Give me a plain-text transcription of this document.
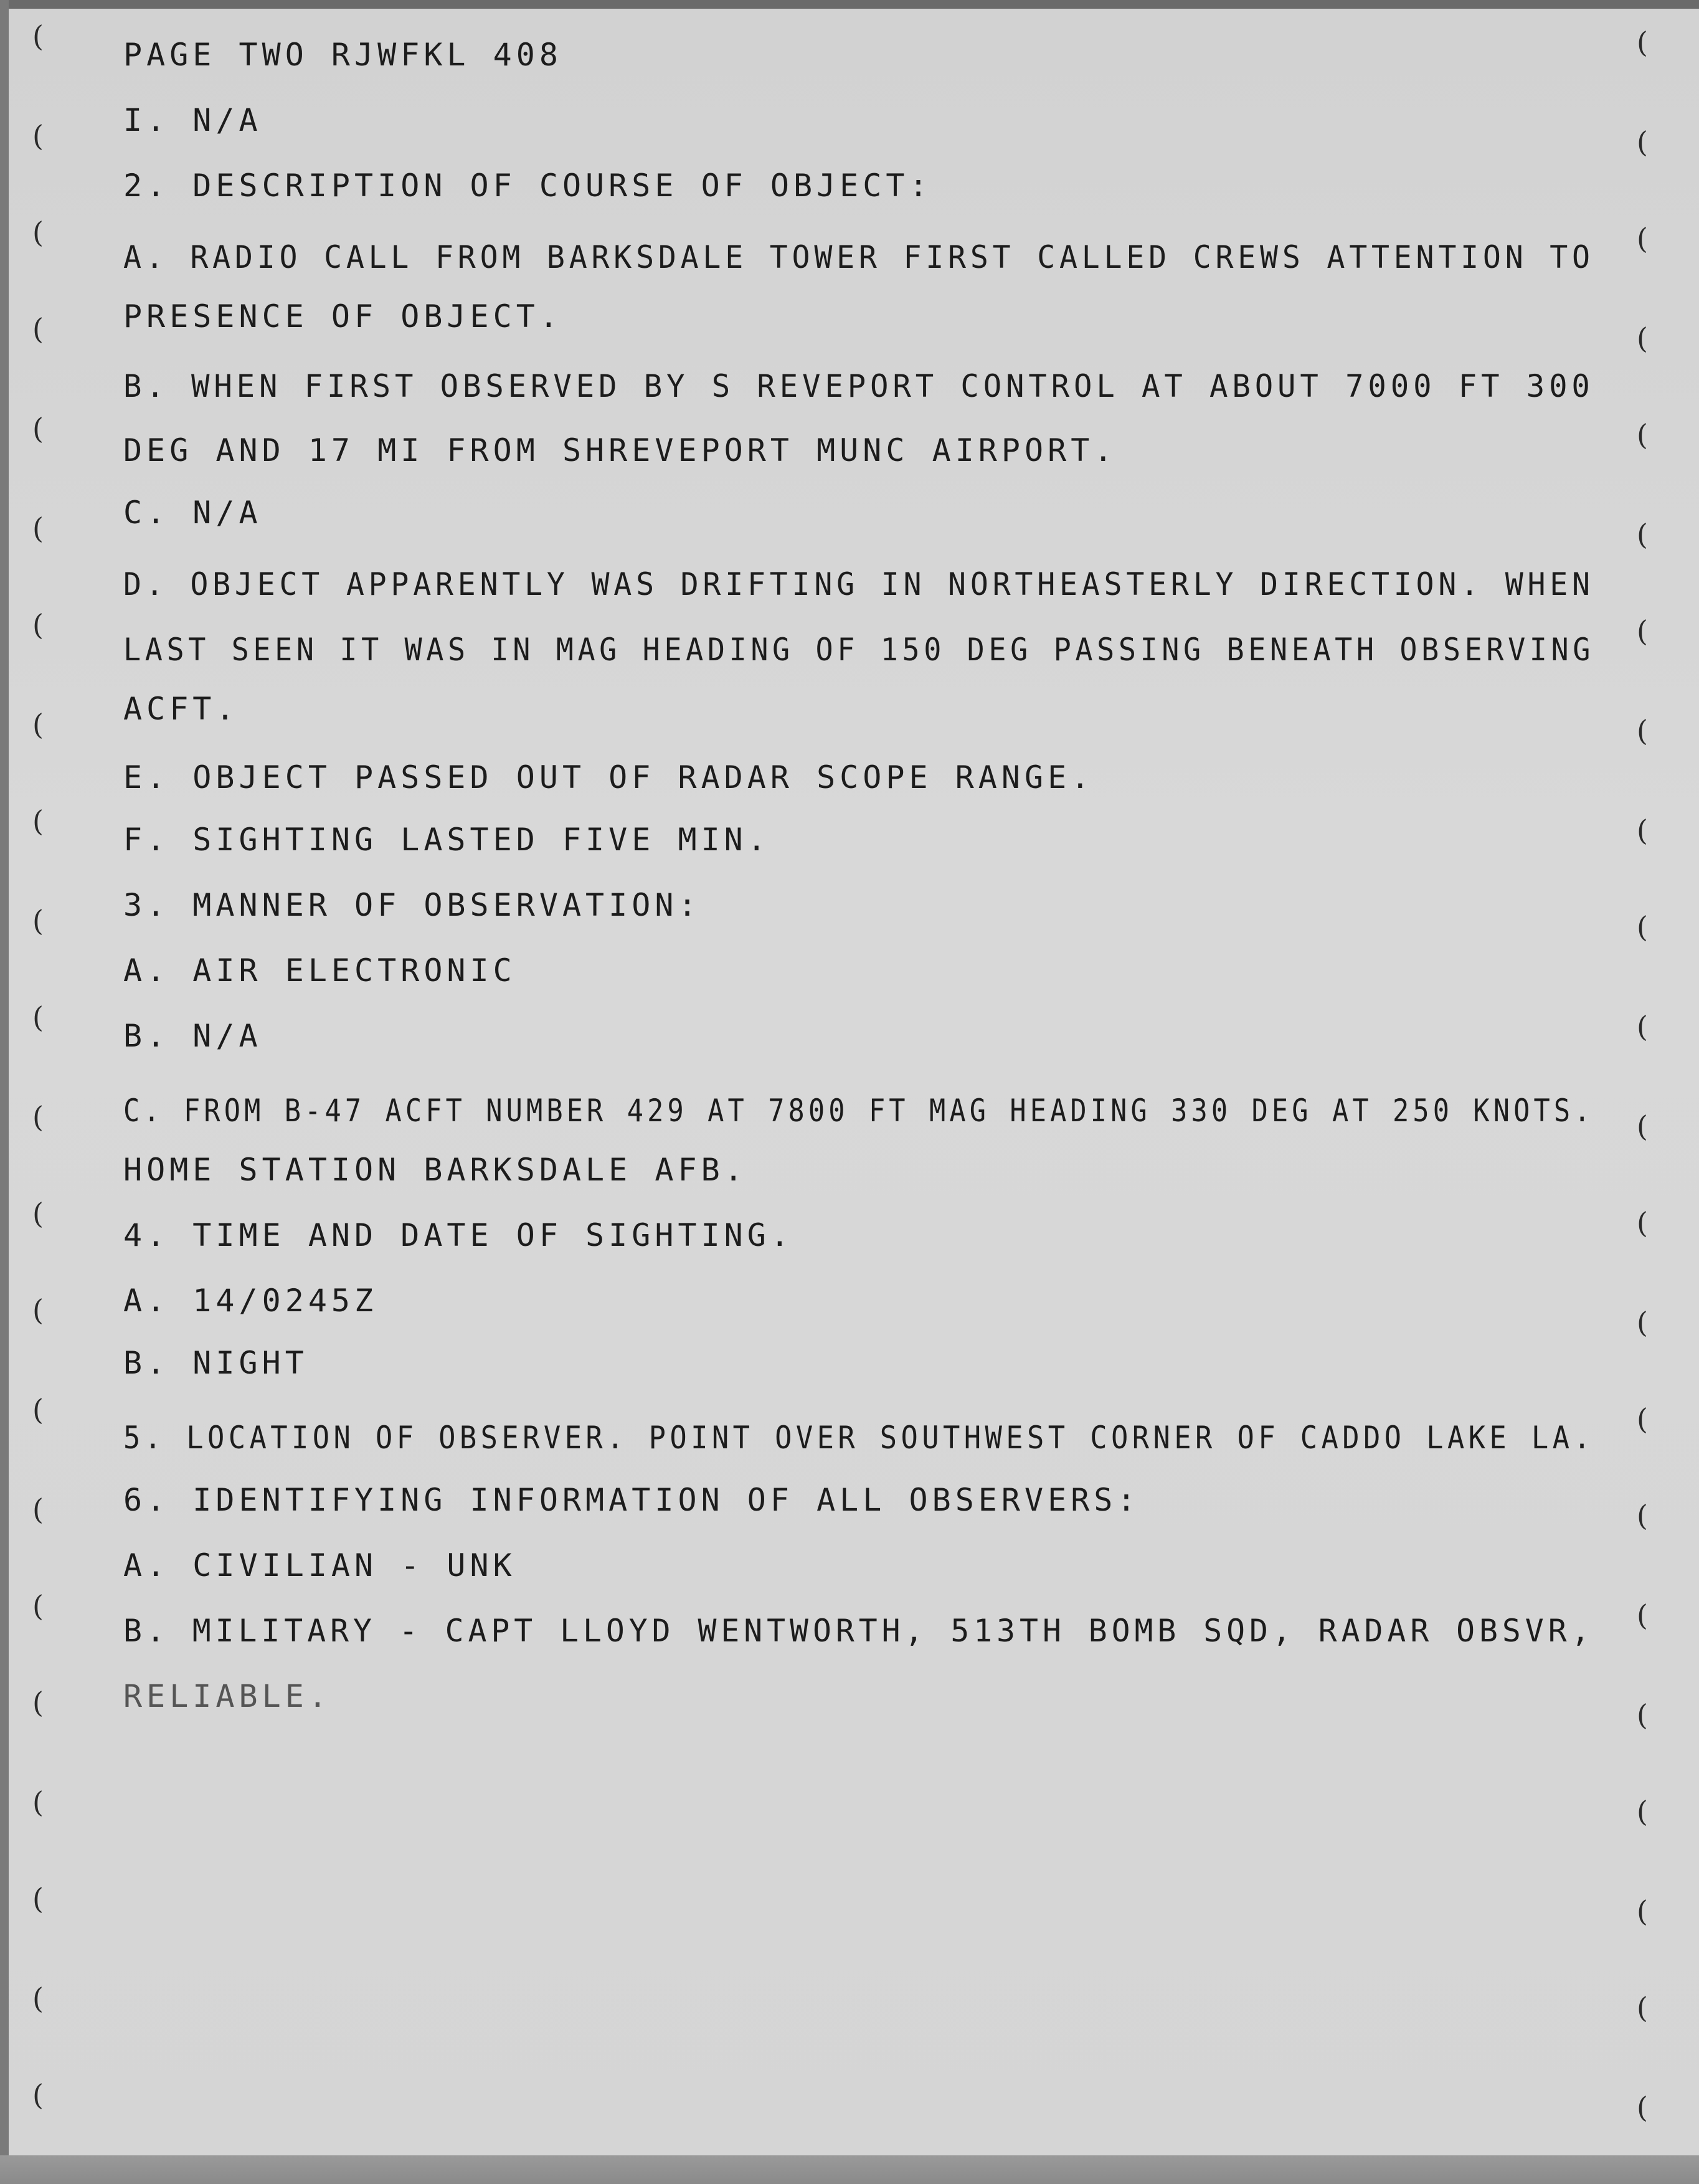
(
(
(
(
(
(
(
(
(
(
(
(
(
(
(
(
(
(
(
(
(
(
(
(
(
(
(
(
(
(
(
(
(
(
(
(
(
(
(
(
(
(
(
(

PAGE TWO RJWFKL 408

I. N/A

2. DESCRIPTION OF COURSE OF OBJECT:

A. RADIO CALL FROM BARKSDALE TOWER FIRST CALLED CREWS ATTENTION TO

PRESENCE OF OBJECT.

B. WHEN FIRST OBSERVED BY S REVEPORT CONTROL AT ABOUT 7000 FT 300

DEG AND 17 MI FROM SHREVEPORT MUNC AIRPORT.

C. N/A

D. OBJECT APPARENTLY WAS DRIFTING IN NORTHEASTERLY DIRECTION. WHEN

LAST SEEN IT WAS IN MAG HEADING OF 150 DEG PASSING BENEATH OBSERVING

ACFT.

E. OBJECT PASSED OUT OF RADAR SCOPE RANGE.

F. SIGHTING LASTED FIVE MIN.

3. MANNER OF OBSERVATION:

A. AIR ELECTRONIC

B. N/A

C. FROM B-47 ACFT NUMBER 429 AT 7800 FT MAG HEADING 330 DEG AT 250 KNOTS.

HOME STATION BARKSDALE AFB.

4. TIME AND DATE OF SIGHTING.

A. 14/0245Z

B. NIGHT

5. LOCATION OF OBSERVER. POINT OVER SOUTHWEST CORNER OF CADDO LAKE LA.

6. IDENTIFYING INFORMATION OF ALL OBSERVERS:

A. CIVILIAN - UNK

B. MILITARY - CAPT LLOYD WENTWORTH, 513TH BOMB SQD, RADAR OBSVR,

RELIABLE.
